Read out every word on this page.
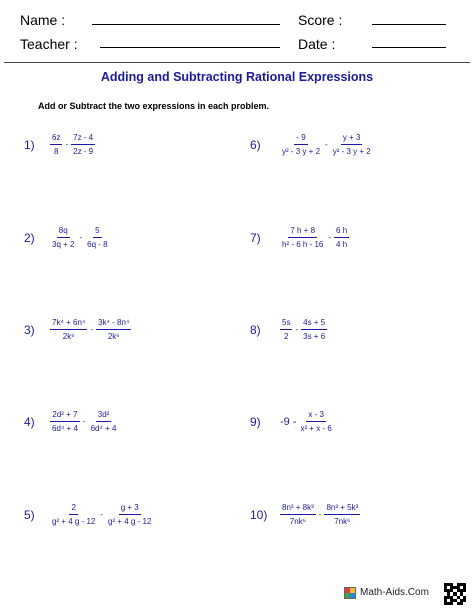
Name :	Score :
Teacher :	Date :
Adding and Subtracting Rational Expressions
Add or Subtract the two expressions in each problem.
1)	$\frac{6z}{8} - \frac{7z - 4}{2z - 9}$
2)	$\frac{8q}{3q + 2} - \frac{5}{6q - 8}$
3)	$\frac{\text{7k⁴ + 6n⁴}}{\text{2k⁶}} - \frac{\text{3k⁴ - 8n⁴}}{\text{2k⁶}}$
4)	$\frac{\text{2d² + 7}}{\text{6d⁴ + 4}} - \frac{\text{3d²}}{\text{6d⁴ + 4}}$
5)	$\frac{2}{\text{g² + 4 g - 12}} - \frac{g + 3}{\text{g² + 4 g - 12}}$
6)	$\frac{- 9}{\text{y² - 3 y + 2}} - \frac{y + 3}{\text{y² - 3 y + 2}}$
7)	$\frac{7 h + 8}{\text{h² - 6 h - 16}} - \frac{6 h}{4 h}$
8)	$\frac{5s}{2} - \frac{4s + 5}{3s + 6}$
9)	$-9 - \frac{x - 3}{\text{x² + x - 6}}$
10)	$\frac{\text{8n³ + 8k³}}{\text{7nk⁶}} - \frac{\text{8n³ + 5k³}}{\text{7nk⁶}}$
Math-Aids.Com
